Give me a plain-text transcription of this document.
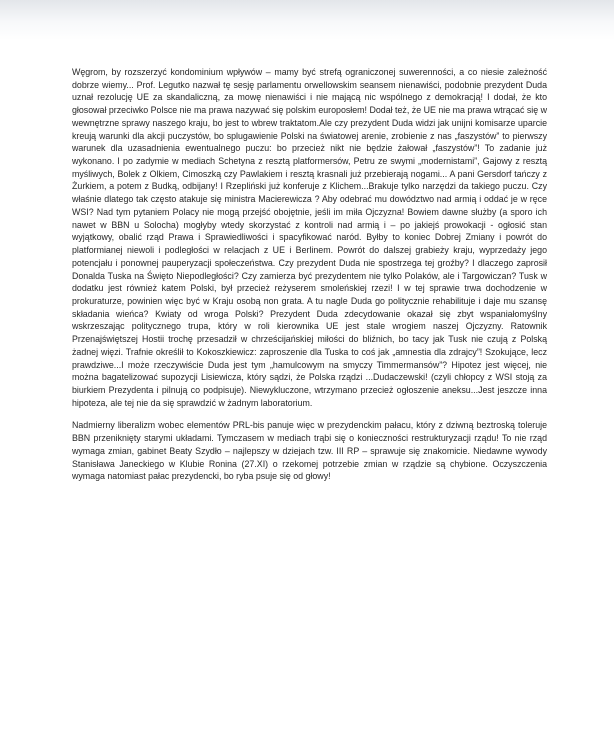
Węgrom, by rozszerzyć kondominium wpływów – mamy być strefą ograniczonej suwerenności, a co niesie zależność dobrze wiemy... Prof. Legutko nazwał tę sesję parlamentu orwellowskim seansem nienawiści, podobnie prezydent Duda uznał rezolucję UE za skandaliczną, za mowę nienawiści i nie mającą nic wspólnego z demokracją! I dodał, że kto głosował przeciwko Polsce nie ma prawa nazywać się polskim europosłem! Dodał też, że UE nie ma prawa wtrącać się w wewnętrzne sprawy naszego kraju, bo jest to wbrew traktatom.Ale czy prezydent Duda widzi jak unijni komisarze uparcie kreują warunki dla akcji puczystów, bo splugawienie Polski na światowej arenie, zrobienie z nas „faszystów” to pierwszy warunek dla uzasadnienia ewentualnego puczu: bo przecież nikt nie będzie żałował „faszystów”! To zadanie już wykonano. I po zadymie w mediach Schetyna z resztą platformersów, Petru ze swymi „modernistami”, Gajowy z resztą myśliwych, Bolek z Olkiem, Cimoszką czy Pawlakiem i resztą krasnali już przebierają nogami... A pani Gersdorf tańczy z Żurkiem, a potem z Budką, odbijany! I Rzepliński już konferuje z Klichem...Brakuje tylko narzędzi da takiego puczu. Czy właśnie dlatego tak często atakuje się ministra Macierewicza ? Aby odebrać mu dowództwo nad armią i oddać je w ręce WSI? Nad tym pytaniem Polacy nie mogą przejść obojętnie, jeśli im miła Ojczyzna! Bowiem dawne służby (a sporo ich nawet w BBN u Solocha) mogłyby wtedy skorzystać z kontroli nad armią i – po jakiejś prowokacji - ogłosić stan wyjątkowy, obalić rząd Prawa i Sprawiedliwości i spacyfikować naród. Byłby to koniec Dobrej Zmiany i powrót do platformianej niewoli i podległości w relacjach z UE i Berlinem. Powrót do dalszej grabieży kraju, wyprzedaży jego potencjału i ponownej pauperyzacji społeczeństwa. Czy prezydent Duda nie spostrzega tej groźby? I dlaczego zaprosił Donalda Tuska na Święto Niepodległości? Czy zamierza być prezydentem nie tylko Polaków, ale i Targowiczan? Tusk w dodatku jest również katem Polski, był przecież reżyserem smoleńskiej rzezi! I w tej sprawie trwa dochodzenie w prokuraturze, powinien więc być w Kraju osobą non grata. A tu nagle Duda go politycznie rehabilituje i daje mu szansę składania wieńca? Kwiaty od wroga Polski? Prezydent Duda zdecydowanie okazał się zbyt wspaniałomyślny wskrzeszając politycznego trupa, który w roli kierownika UE jest stale wrogiem naszej Ojczyzny. Ratownik Przenajświętszej Hostii trochę przesadził w chrześcijańskiej miłości do bliźnich, bo tacy jak Tusk nie czują z Polską żadnej więzi. Trafnie określił to Kokoszkiewicz: zaproszenie dla Tuska to coś jak „amnestia dla zdrajcy”! Szokujące, lecz prawdziwe...I może rzeczywiście Duda jest tym „hamulcowym na smyczy Timmermansów”? Hipotez jest więcej, nie można bagatelizować supozycji Lisiewicza, który sądzi, że Polska rządzi ...Dudaczewski! (czyli chłopcy z WSI stoją za biurkiem Prezydenta i pilnują co podpisuje). Niewykluczone, wtrzymano przecież ogłoszenie aneksu...Jest jeszcze inna hipoteza, ale tej nie da się sprawdzić w żadnym laboratorium.

Nadmierny liberalizm wobec elementów PRL-bis panuje więc w prezydenckim pałacu, który z dziwną beztroską toleruje BBN przeniknięty starymi układami. Tymczasem w mediach trąbi się o konieczności restrukturyzacji rządu! To nie rząd wymaga zmian, gabinet Beaty Szydło – najlepszy w dziejach tzw. III RP – sprawuje się znakomicie. Niedawne wywody Stanisława Janeckiego w Klubie Ronina (27.XI) o rzekomej potrzebie zmian w rządzie są chybione. Oczyszczenia wymaga natomiast pałac prezydencki, bo ryba psuje się od głowy!
